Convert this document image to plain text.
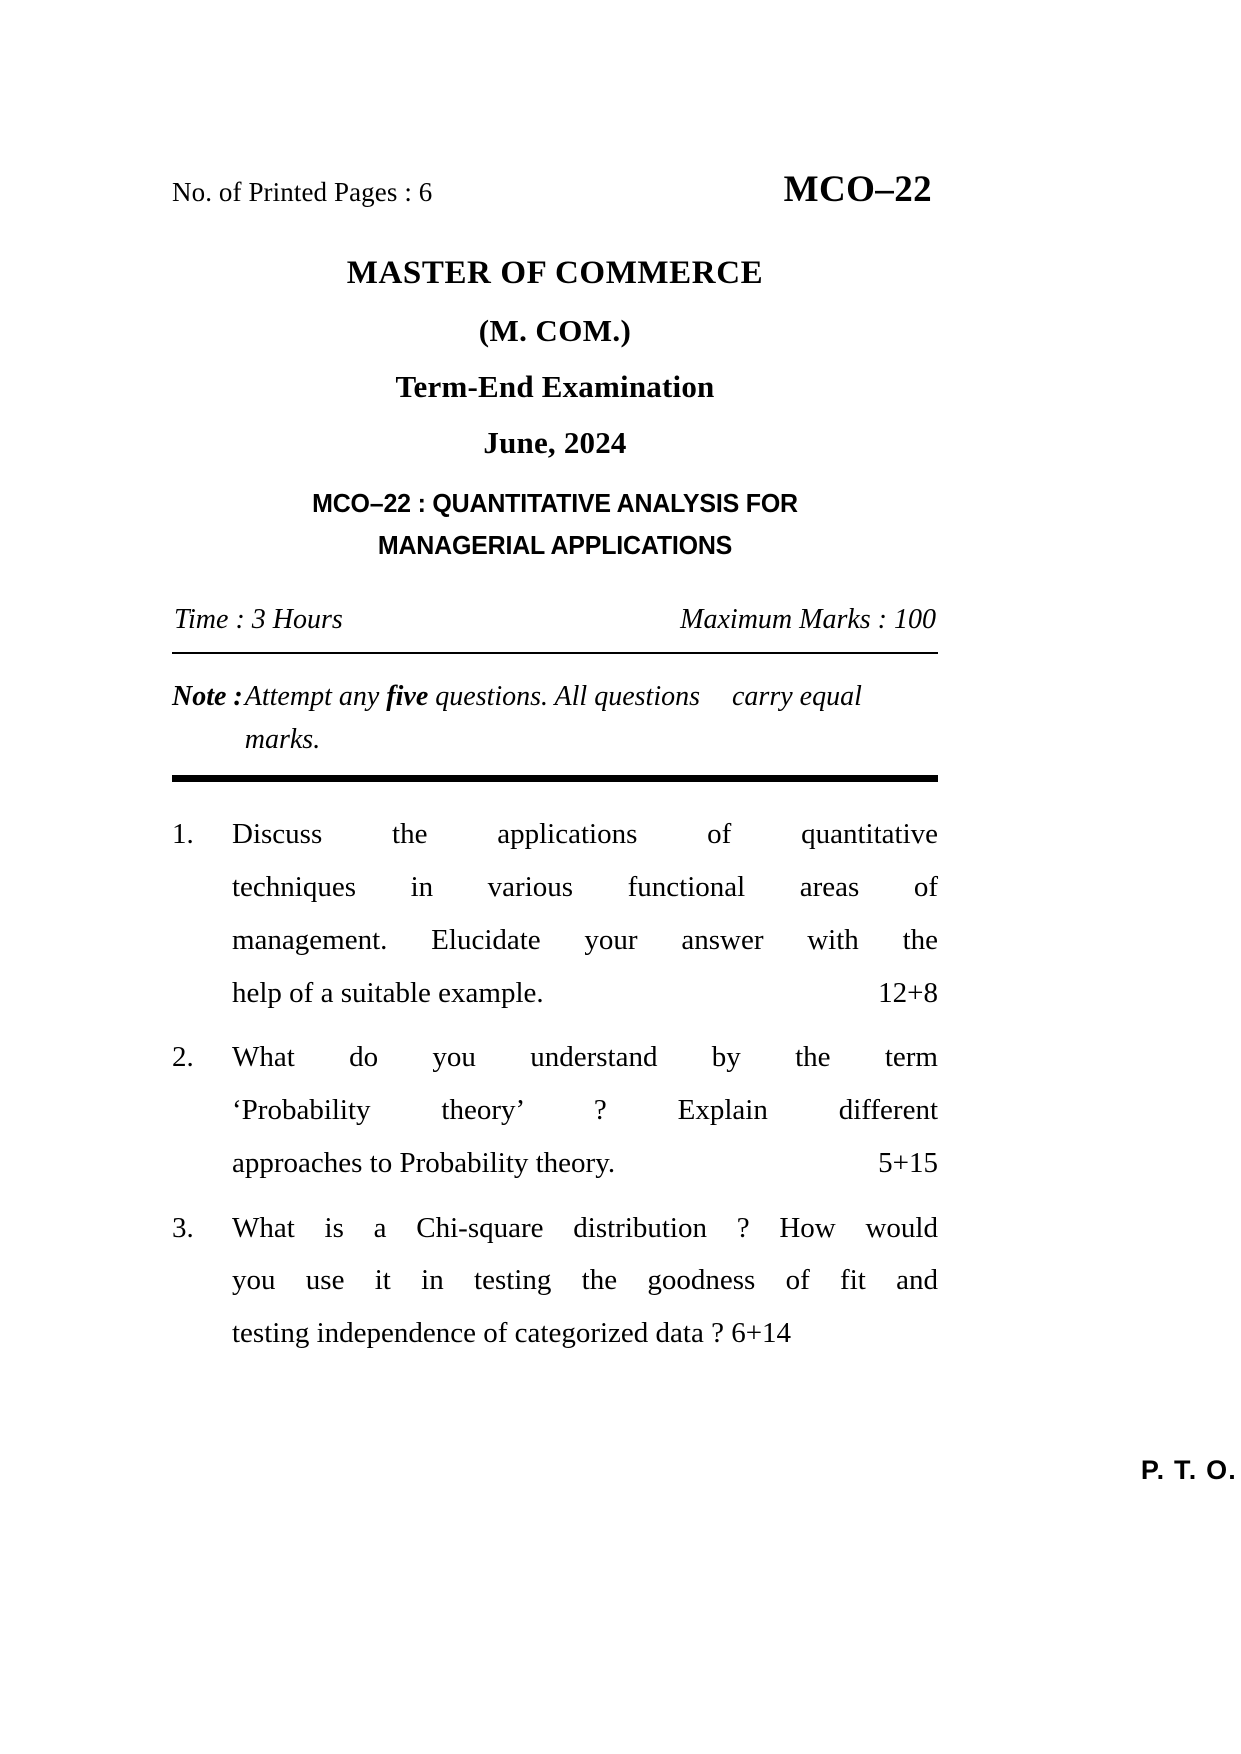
No. of Printed Pages : 6	MCO–22
MASTER OF COMMERCE
(M. COM.)
Term-End Examination
June, 2024
MCO–22 : QUANTITATIVE ANALYSIS FOR
MANAGERIAL APPLICATIONS
Time : 3 Hours	Maximum Marks : 100
Note : Attempt any five questions. All questions carry equal marks.
1.	Discuss    the    applications    of    quantitative
techniques   in   various   functional   areas   of
management. Elucidate your answer with the
help of a suitable example.	12+8
2.	What    do    you    understand    by    the    term
‘Probability    theory’    ?    Explain    different
approaches to Probability theory.	5+15
3.	What is a Chi-square distribution ? How would
you  use  it  in  testing  the  goodness  of  fit  and
testing independence of categorized data ? 6+14
P. T. O.
